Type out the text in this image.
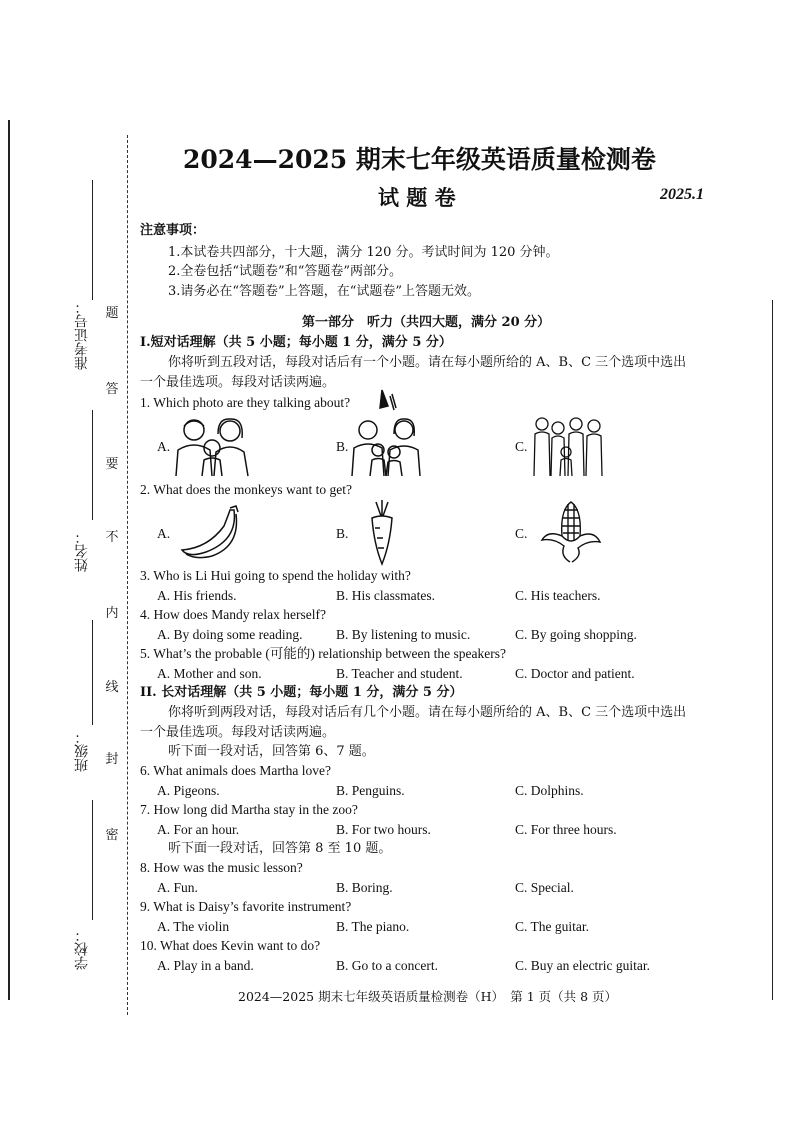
准考证号：
姓名：
班级：
学校：
题
答
要
不
内
线
封
密
2024—2025 期末七年级英语质量检测卷
试 题 卷	2025.1
注意事项：
1.本试卷共四部分，十大题，满分 120 分。考试时间为 120 分钟。
2.全卷包括“试题卷”和“答题卷”两部分。
3.请务必在“答题卷”上答题，在“试题卷”上答题无效。
第一部分　听力（共四大题，满分 20 分）
I.短对话理解（共 5 小题；每小题 1 分，满分 5 分）
你将听到五段对话，每段对话后有一个小题。请在每小题所给的 A、B、C 三个选项中选出
一个最佳选项。每段对话读两遍。
1. Which photo are they talking about?
A.	B.	C.
2. What does the monkeys want to get?
A.	B.	C.
3. Who is Li Hui going to spend the holiday with?
A. His friends.	B. His classmates.	C. His teachers.
4. How does Mandy relax herself?
A. By doing some reading. B. By listening to music.	C. By going shopping.
5. What’s the probable (可能的) relationship between the speakers?
A. Mother and son.	B. Teacher and student.	C. Doctor and patient.
II. 长对话理解（共 5 小题；每小题 1 分，满分 5 分）
你将听到两段对话，每段对话后有几个小题。请在每小题所给的 A、B、C 三个选项中选出
一个最佳选项。每段对话读两遍。
听下面一段对话，回答第 6、7 题。
6. What animals does Martha love?
A. Pigeons.	B. Penguins.	C. Dolphins.
7. How long did Martha stay in the zoo?
A. For an hour.	B. For two hours.	C. For three hours.
听下面一段对话，回答第 8 至 10 题。
8. How was the music lesson?
A. Fun.	B. Boring.	C. Special.
9. What is Daisy’s favorite instrument?
A. The violin	B. The piano.	C. The guitar.
10. What does Kevin want to do?
A. Play in a band.	B. Go to a concert.	C. Buy an electric guitar.
2024—2025 期末七年级英语质量检测卷（H）　第 1 页（共 8 页）
